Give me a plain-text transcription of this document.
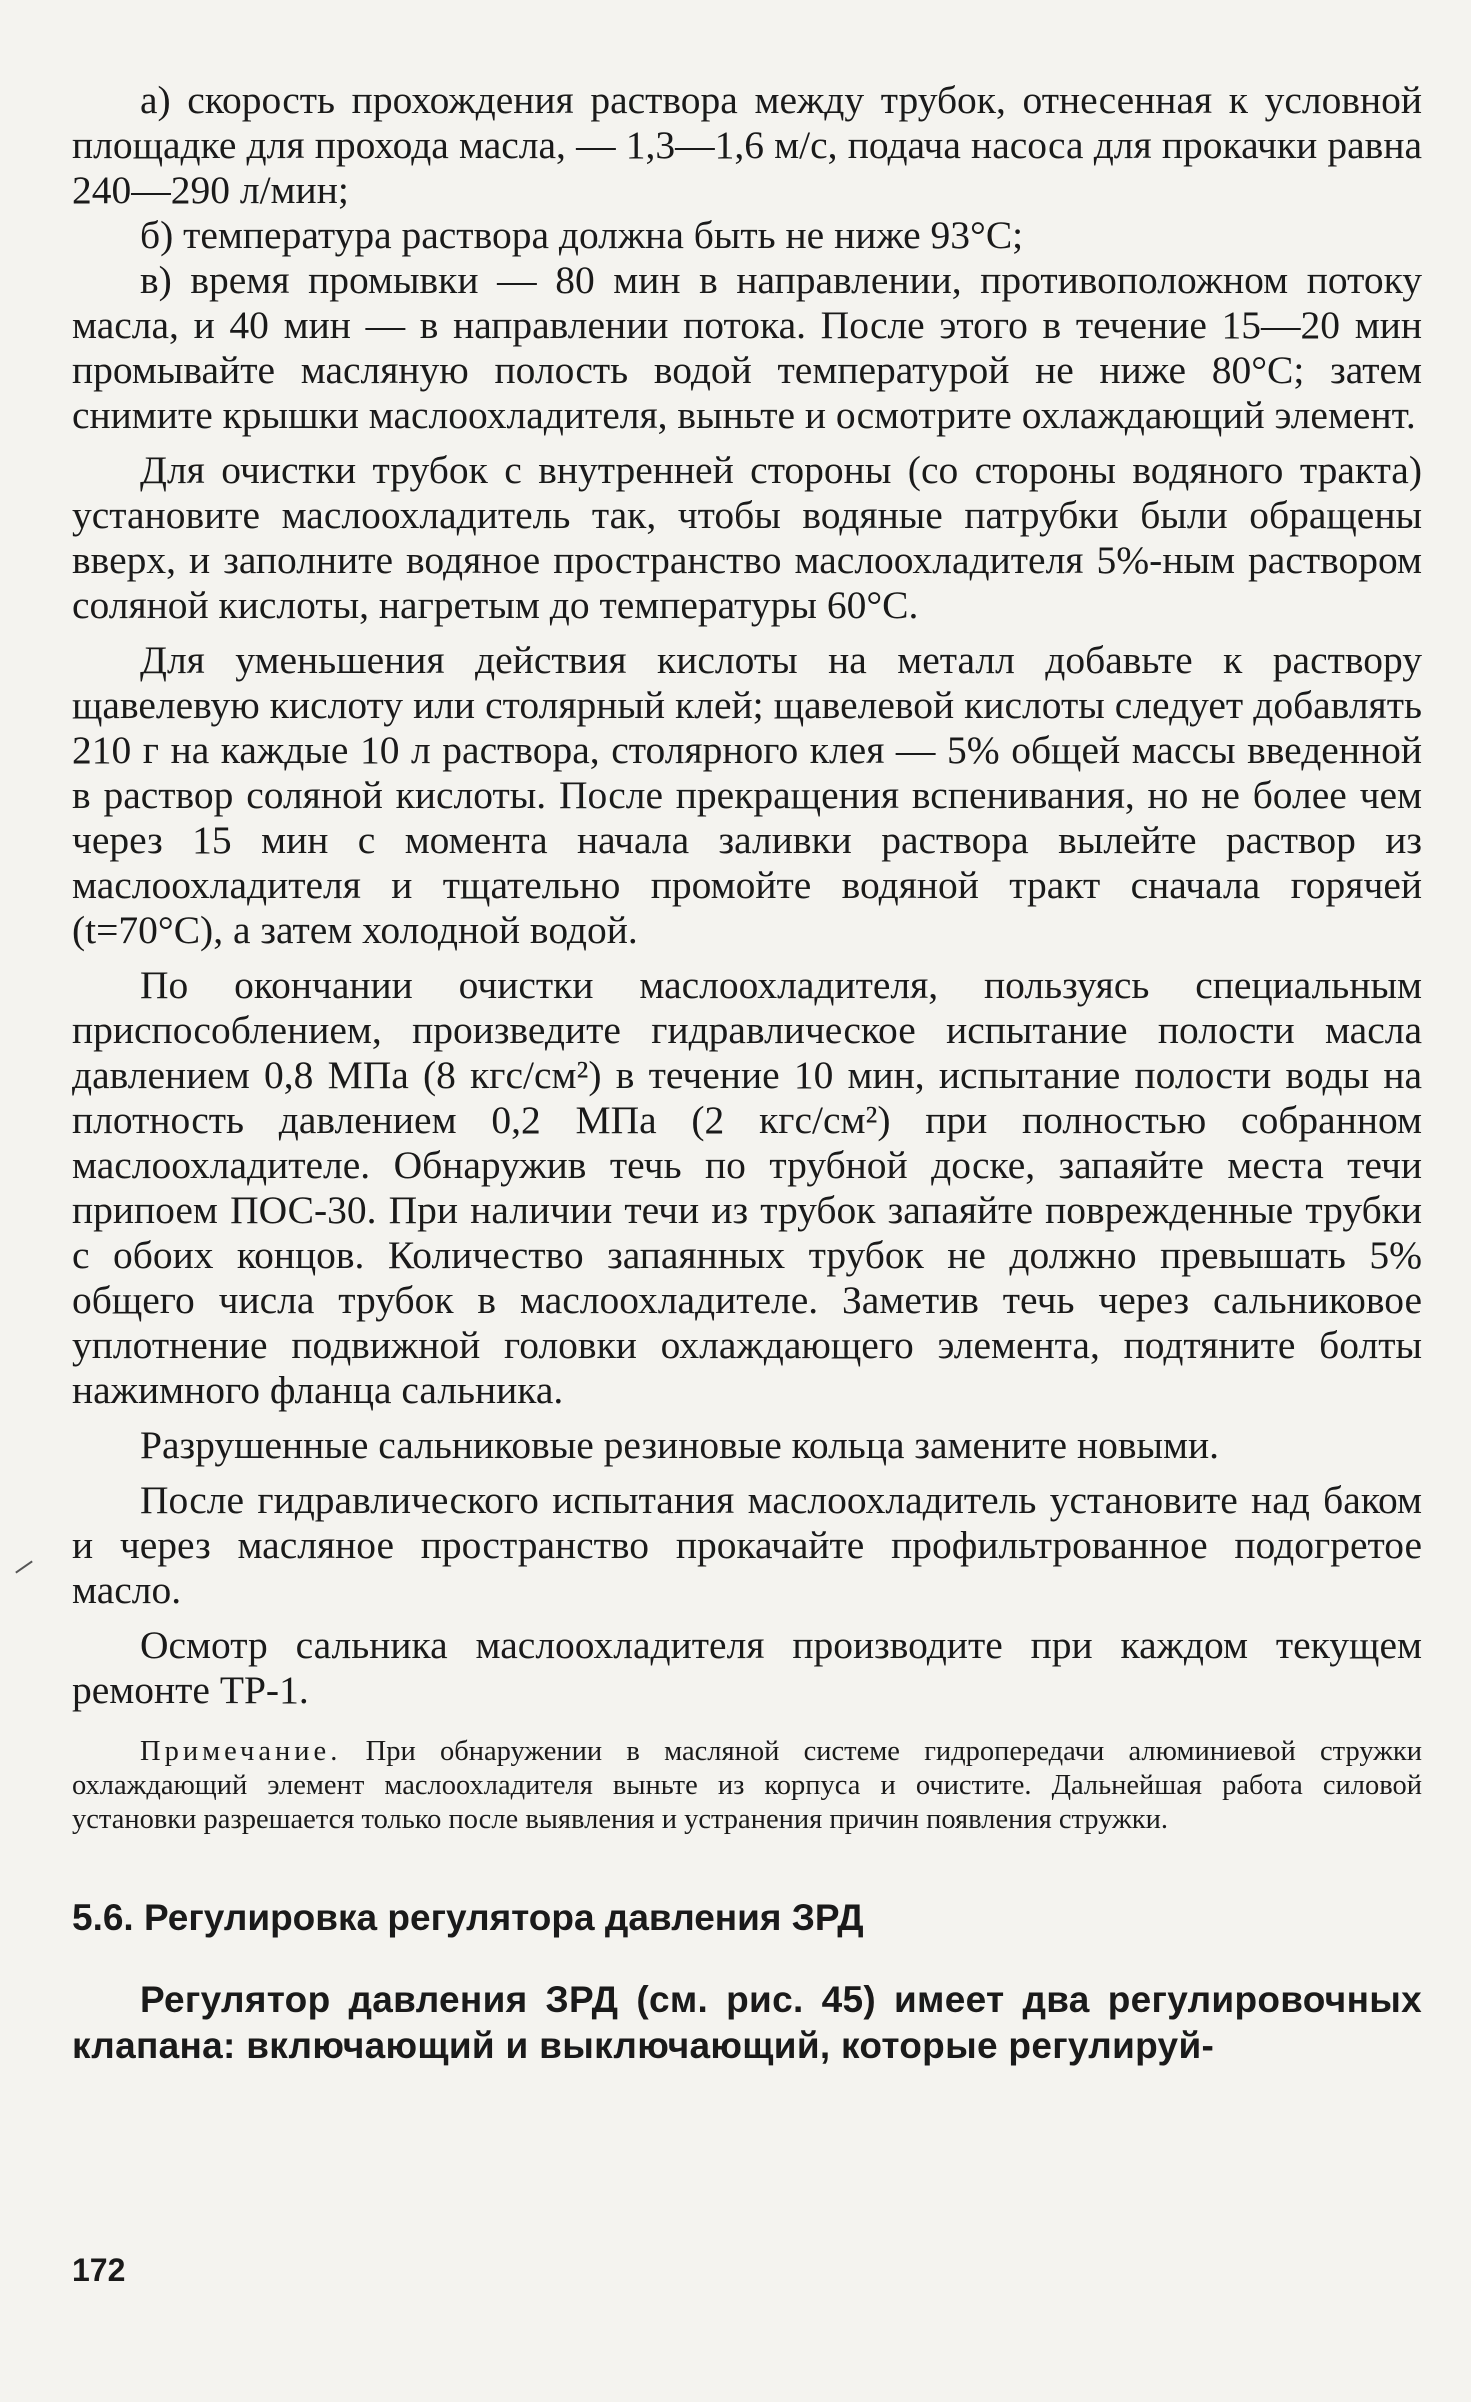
а) скорость прохождения раствора между трубок, отнесенная к условной площадке для прохода масла, — 1,3—1,6 м/с, подача насоса для прокачки равна 240—290 л/мин;

б) температура раствора должна быть не ниже 93°С;

в) время промывки — 80 мин в направлении, противоположном потоку масла, и 40 мин — в направлении потока. После этого в течение 15—20 мин промывайте масляную полость водой температурой не ниже 80°С; затем снимите крышки маслоохладителя, выньте и осмотрите охлаждающий элемент.

Для очистки трубок с внутренней стороны (со стороны водяного тракта) установите маслоохладитель так, чтобы водяные патрубки были обращены вверх, и заполните водяное пространство маслоохладителя 5%-ным раствором соляной кислоты, нагретым до температуры 60°С.

Для уменьшения действия кислоты на металл добавьте к раствору щавелевую кислоту или столярный клей; щавелевой кислоты следует добавлять 210 г на каждые 10 л раствора, столярного клея — 5% общей массы введенной в раствор соляной кислоты. После прекращения вспенивания, но не более чем через 15 мин с момента начала заливки раствора вылейте раствор из маслоохладителя и тщательно промойте водяной тракт сначала горячей (t=70°С), а затем холодной водой.

По окончании очистки маслоохладителя, пользуясь специальным приспособлением, произведите гидравлическое испытание полости масла давлением 0,8 МПа (8 кгс/см²) в течение 10 мин, испытание полости воды на плотность давлением 0,2 МПа (2 кгс/см²) при полностью собранном маслоохладителе. Обнаружив течь по трубной доске, запаяйте места течи припоем ПОС-30. При наличии течи из трубок запаяйте поврежденные трубки с обоих концов. Количество запаянных трубок не должно превышать 5% общего числа трубок в маслоохладителе. Заметив течь через сальниковое уплотнение подвижной головки охлаждающего элемента, подтяните болты нажимного фланца сальника.

Разрушенные сальниковые резиновые кольца замените новыми.

После гидравлического испытания маслоохладитель установите над баком и через масляное пространство прокачайте профильтрованное подогретое масло.

Осмотр сальника маслоохладителя производите при каждом текущем ремонте ТР-1.

Примечание. При обнаружении в масляной системе гидропередачи алюминиевой стружки охлаждающий элемент маслоохладителя выньте из корпуса и очистите. Дальнейшая работа силовой установки разрешается только после выявления и устранения причин появления стружки.
5.6. Регулировка регулятора давления ЗРД
Регулятор давления ЗРД (см. рис. 45) имеет два регулировочных клапана: включающий и выключающий, которые регулируй-
172
